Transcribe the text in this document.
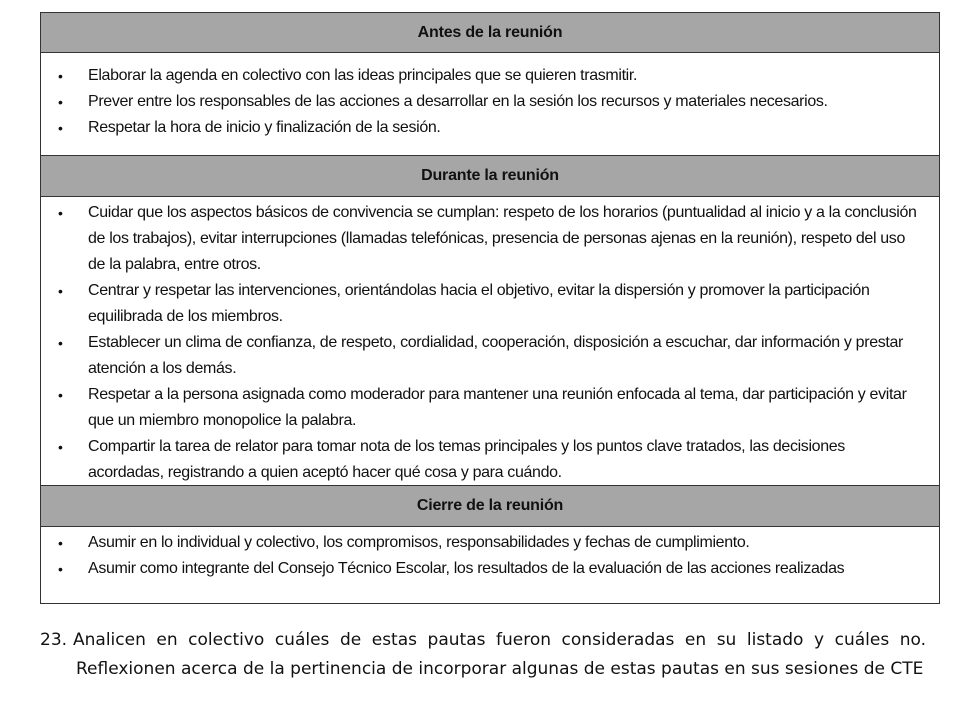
Antes de la reunión
• Elaborar la agenda en colectivo con las ideas principales que se quieren trasmitir.
• Prever entre los responsables de las acciones a desarrollar en la sesión los recursos y materiales necesarios.
• Respetar la hora de inicio y finalización de la sesión.
Durante la reunión
• Cuidar que los aspectos básicos de convivencia se cumplan: respeto de los horarios (puntualidad al inicio y a la conclusión de los trabajos), evitar interrupciones (llamadas telefónicas, presencia de personas ajenas en la reunión), respeto del uso de la palabra, entre otros.
• Centrar y respetar las intervenciones, orientándolas hacia el objetivo, evitar la dispersión y promover la participación equilibrada de los miembros.
• Establecer un clima de confianza, de respeto, cordialidad, cooperación, disposición a escuchar, dar información y prestar atención a los demás.
• Respetar a la persona asignada como moderador para mantener una reunión enfocada al tema, dar participación y evitar que un miembro monopolice la palabra.
• Compartir la tarea de relator para tomar nota de los temas principales y los puntos clave tratados, las decisiones acordadas, registrando a quien aceptó hacer qué cosa y para cuándo.
Cierre de la reunión
• Asumir en lo individual y colectivo, los compromisos, responsabilidades y fechas de cumplimiento.
• Asumir como integrante del Consejo Técnico Escolar, los resultados de la evaluación de las acciones realizadas
23. Analicen en colectivo cuáles de estas pautas fueron consideradas en su listado y cuáles no. Reflexionen acerca de la pertinencia de incorporar algunas de estas pautas en sus sesiones de CTE
